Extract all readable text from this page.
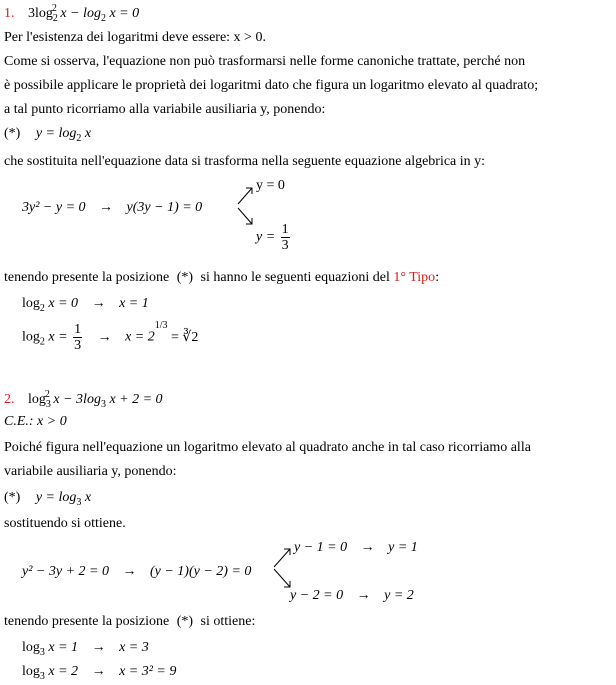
1. $3\log_2^2$ $x - \log_2 x = 0$
Per l'esistenza dei logaritmi deve essere: x > 0.
Come si osserva, l'equazione non può trasformarsi nelle forme canoniche trattate, perché non
è possibile applicare le proprietà dei logaritmi dato che figura un logaritmo elevato al quadrato;
a tal punto ricorriamo alla variabile ausiliaria y, ponendo:
(*) $y = \log_2 x$
che sostituita nell'equazione data si trasforma nella seguente equazione algebrica in y:
3y² − y = 0 → y(3y − 1) = 0
y = 0
$y = \frac{1}{3}$
tenendo presente la posizione (*) si hanno le seguenti equazioni del 1° Tipo:
$\log_2 x = 0 \to x = 1$
$\log_2 x = \frac{1}{3} \to x = 2^{1/3}$ = ∛2
2. $\log_3^2 x - 3\log_3$ x + 2 = 0
C.E.: x > 0
Poiché figura nell'equazione un logaritmo elevato al quadrato anche in tal caso ricorriamo alla
variabile ausiliaria y, ponendo:
(*) $y = \log_3 x$
sostituendo si ottiene.
y² − 3y + 2 = 0 → (y − 1)(y − 2) = 0
y − 1 = 0 → y = 1
y − 2 = 0 → y = 2
tenendo presente la posizione (*) si ottiene:
$\log_3 x = 1 \to x = 3$
$\log_3 x = 2 \to x = 3^2 = 9$
